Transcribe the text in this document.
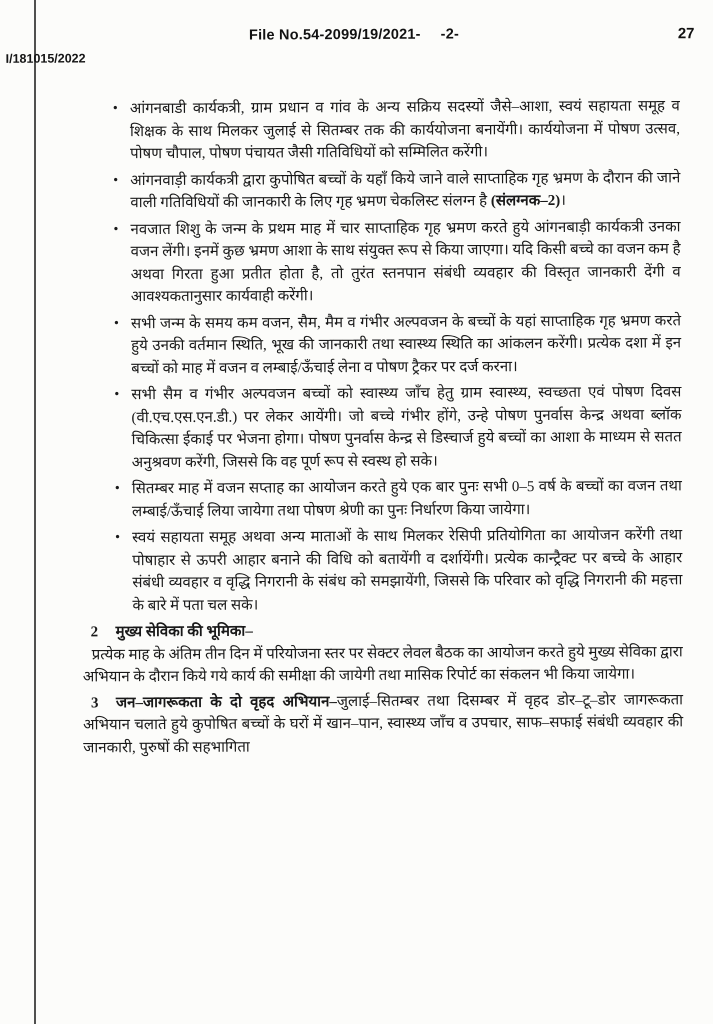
File No.54-2099/19/2021- -2-	27
I/181015/2022
• आंगनबाडी कार्यकत्री, ग्राम प्रधान व गांव के अन्य सक्रिय सदस्यों जैसे–आशा, स्वयं सहायता समूह व शिक्षक के साथ मिलकर जुलाई से सितम्बर तक की कार्ययोजना बनायेंगी। कार्ययोजना में पोषण उत्सव, पोषण चौपाल, पोषण पंचायत जैसी गतिविधियों को सम्मिलित करेंगी।
• आंगनवाड़ी कार्यकत्री द्वारा कुपोषित बच्चों के यहाँ किये जाने वाले साप्ताहिक गृह भ्रमण के दौरान की जाने वाली गतिविधियों की जानकारी के लिए गृह भ्रमण चेकलिस्ट संलग्न है (संलग्नक–2)।
• नवजात शिशु के जन्म के प्रथम माह में चार साप्ताहिक गृह भ्रमण करते हुये आंगनबाड़ी कार्यकत्री उनका वजन लेंगी। इनमें कुछ भ्रमण आशा के साथ संयुक्त रूप से किया जाएगा। यदि किसी बच्चे का वजन कम है अथवा गिरता हुआ प्रतीत होता है, तो तुरंत स्तनपान संबंधी व्यवहार की विस्तृत जानकारी देंगी व आवश्यकतानुसार कार्यवाही करेंगी।
• सभी जन्म के समय कम वजन, सैम, मैम व गंभीर अल्पवजन के बच्चों के यहां साप्ताहिक गृह भ्रमण करते हुये उनकी वर्तमान स्थिति, भूख की जानकारी तथा स्वास्थ्य स्थिति का आंकलन करेंगी। प्रत्येक दशा में इन बच्चों को माह में वजन व लम्बाई/ऊँचाई लेना व पोषण ट्रैकर पर दर्ज करना।
• सभी सैम व गंभीर अल्पवजन बच्चों को स्वास्थ्य जाँच हेतु ग्राम स्वास्थ्य, स्वच्छता एवं पोषण दिवस (वी.एच.एस.एन.डी.) पर लेकर आयेंगी। जो बच्चे गंभीर होंगे, उन्हे पोषण पुनर्वास केन्द्र अथवा ब्लॉक चिकित्सा ईकाई पर भेजना होगा। पोषण पुनर्वास केन्द्र से डिस्चार्ज हुये बच्चों का आशा के माध्यम से सतत अनुश्रवण करेंगी, जिससे कि वह पूर्ण रूप से स्वस्थ हो सके।
• सितम्बर माह में वजन सप्ताह का आयोजन करते हुये एक बार पुनः सभी 0–5 वर्ष के बच्चों का वजन तथा लम्बाई/ऊँचाई लिया जायेगा तथा पोषण श्रेणी का पुनः निर्धारण किया जायेगा।
• स्वयं सहायता समूह अथवा अन्य माताओं के साथ मिलकर रेसिपी प्रतियोगिता का आयोजन करेंगी तथा पोषाहार से ऊपरी आहार बनाने की विधि को बतायेंगी व दर्शायेंगी। प्रत्येक कान्ट्रैक्ट पर बच्चे के आहार संबंधी व्यवहार व वृद्धि निगरानी के संबंध को समझायेंगी, जिससे कि परिवार को वृद्धि निगरानी की महत्ता के बारे में पता चल सके।
2 मुख्य सेविका की भूमिका–

प्रत्येक माह के अंतिम तीन दिन में परियोजना स्तर पर सेक्टर लेवल बैठक का आयोजन करते हुये मुख्य सेविका द्वारा अभियान के दौरान किये गये कार्य की समीक्षा की जायेगी तथा मासिक रिपोर्ट का संकलन भी किया जायेगा।

3 जन–जागरूकता के दो वृहद अभियान–जुलाई–सितम्बर तथा दिसम्बर में वृहद डोर–टू–डोर जागरूकता अभियान चलाते हुये कुपोषित बच्चों के घरों में खान–पान, स्वास्थ्य जाँच व उपचार, साफ–सफाई संबंधी व्यवहार की जानकारी, पुरुषों की सहभागिता
